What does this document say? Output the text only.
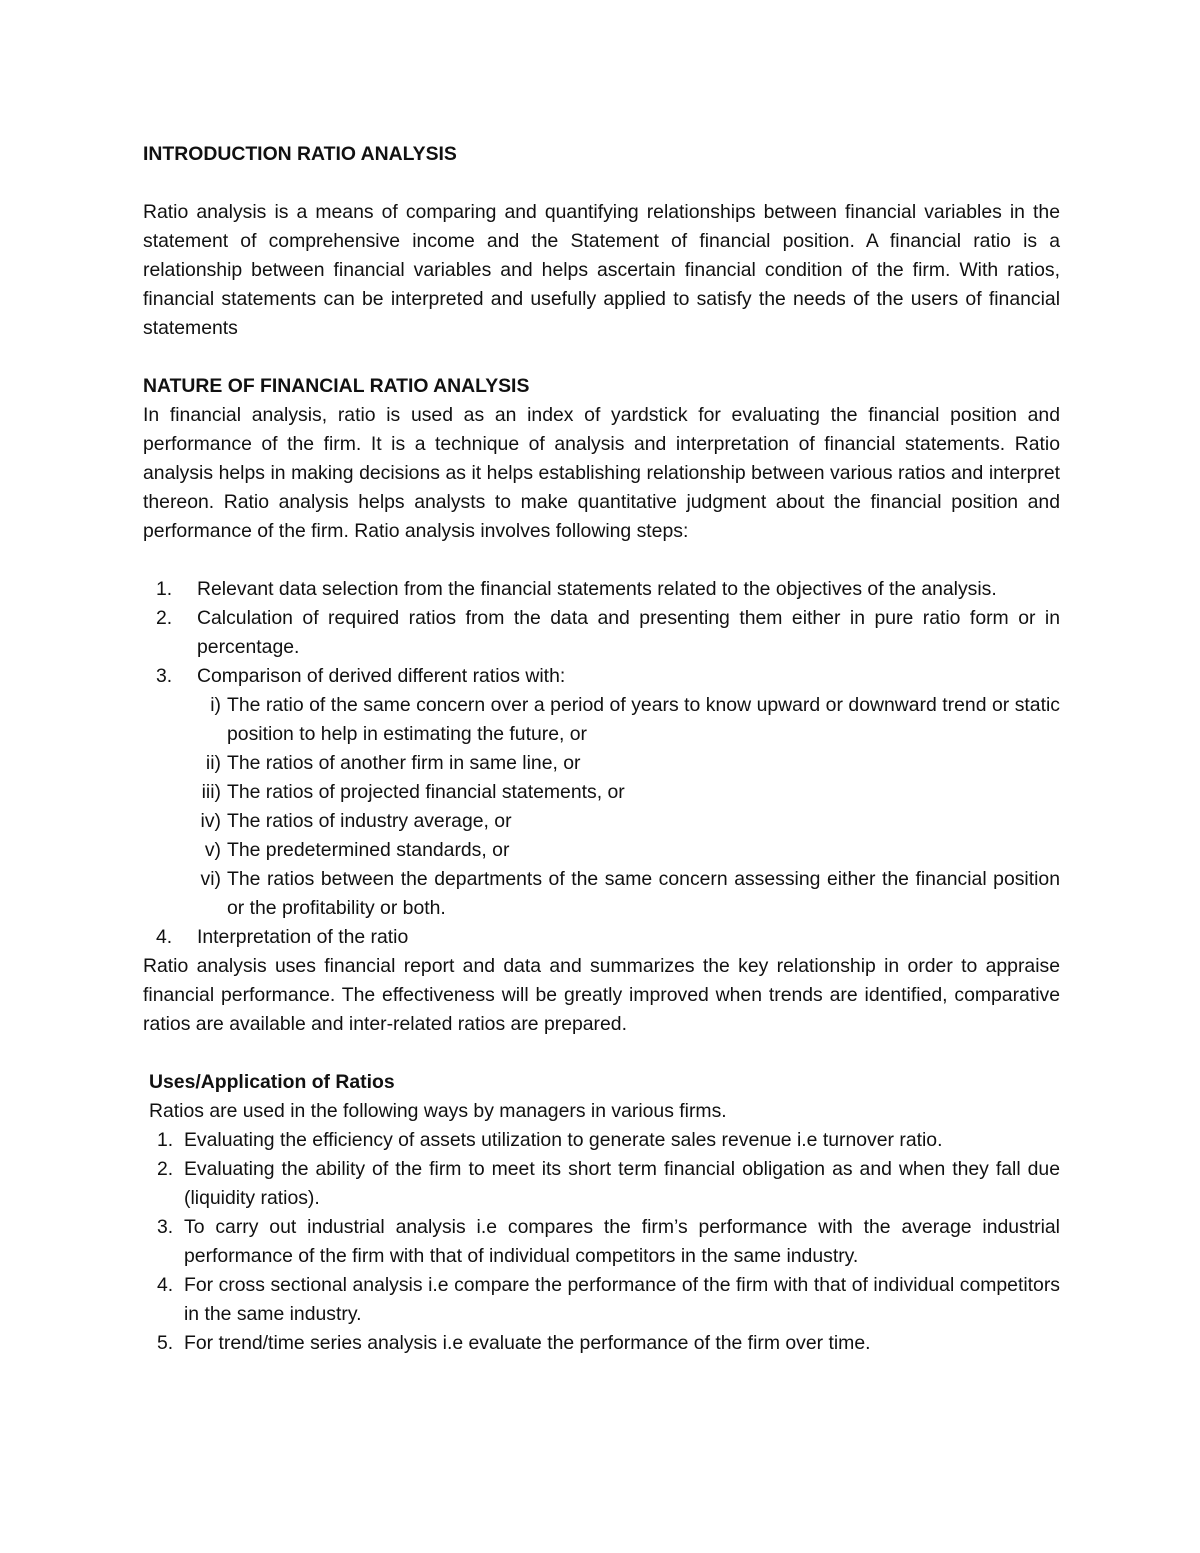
INTRODUCTION RATIO ANALYSIS

Ratio analysis is a means of comparing and quantifying relationships between financial variables in the statement of comprehensive income and the Statement of financial position. A financial ratio is a relationship between financial variables and helps ascertain financial condition of the firm. With ratios, financial statements can be interpreted and usefully applied to satisfy the needs of the users of financial statements

NATURE OF FINANCIAL RATIO ANALYSIS

In financial analysis, ratio is used as an index of yardstick for evaluating the financial position and performance of the firm. It is a technique of analysis and interpretation of financial statements. Ratio analysis helps in making decisions as it helps establishing relationship between various ratios and interpret thereon. Ratio analysis helps analysts to make quantitative judgment about the financial position and performance of the firm. Ratio analysis involves following steps:

1. Relevant data selection from the financial statements related to the objectives of the analysis.
2. Calculation of required ratios from the data and presenting them either in pure ratio form or in percentage.
3. Comparison of derived different ratios with:
i) The ratio of the same concern over a period of years to know upward or downward trend or static position to help in estimating the future, or
ii) The ratios of another firm in same line, or
iii) The ratios of projected financial statements, or
iv) The ratios of industry average, or
v) The predetermined standards, or
vi) The ratios between the departments of the same concern assessing either the financial position or the profitability or both.
4. Interpretation of the ratio

Ratio analysis uses financial report and data and summarizes the key relationship in order to appraise financial performance. The effectiveness will be greatly improved when trends are identified, comparative ratios are available and inter-related ratios are prepared.

Uses/Application of Ratios

Ratios are used in the following ways by managers in various firms.

1. Evaluating the efficiency of assets utilization to generate sales revenue i.e turnover ratio.
2. Evaluating the ability of the firm to meet its short term financial obligation as and when they fall due (liquidity ratios).
3. To carry out industrial analysis i.e compares the firm’s performance with the average industrial performance of the firm with that of individual competitors in the same industry.
4. For cross sectional analysis i.e compare the performance of the firm with that of individual competitors in the same industry.
5. For trend/time series analysis i.e evaluate the performance of the firm over time.
